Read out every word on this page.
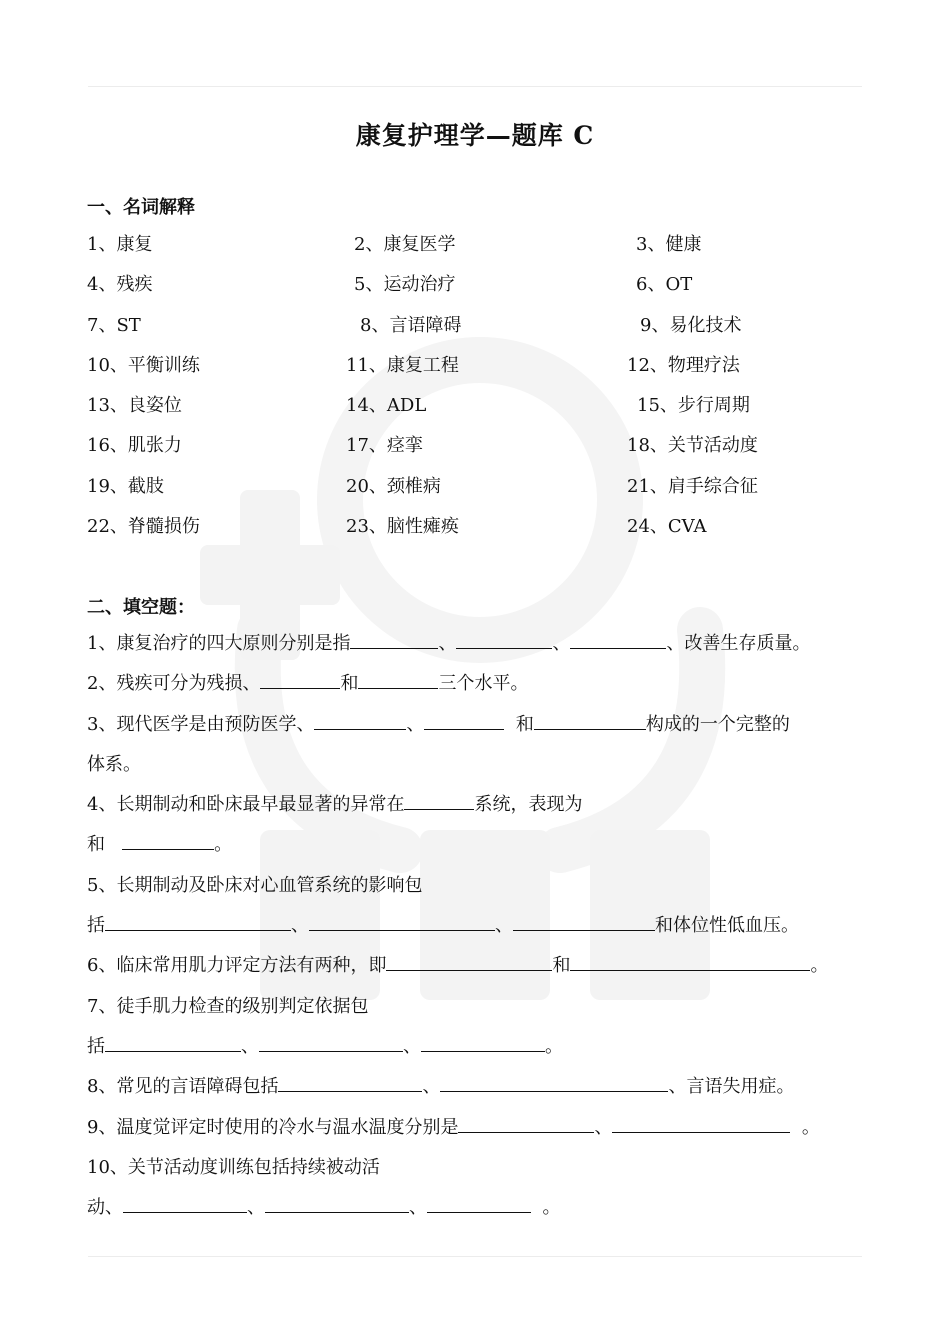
康复护理学—题库 C
一、名词解释
1、康复	2、康复医学	3、健康
4、残疾	5、运动治疗	6、OT
7、ST	8、言语障碍	9、易化技术
10、平衡训练	11、康复工程	12、物理疗法
13、良姿位	14、ADL	15、步行周期
16、肌张力	17、痉挛	18、关节活动度
19、截肢	20、颈椎病	21、肩手综合征
22、脊髓损伤	23、脑性瘫痪	24、CVA
二、填空题：
1、康复治疗的四大原则分别是指	、	、	、改善生存质量。
2、残疾可分为残损、	和	三个水平。
3、现代医学是由预防医学、	、	和	构成的一个完整的
体系。
4、长期制动和卧床最早最显著的异常在	系统，表现为
和	。
5、长期制动及卧床对心血管系统的影响包
括	、	、	和体位性低血压。
6、临床常用肌力评定方法有两种，即	和	。
7、徒手肌力检查的级别判定依据包
括	、	、	。
8、常见的言语障碍包括	、	、言语失用症。
9、温度觉评定时使用的冷水与温水温度分别是	、	。
10、关节活动度训练包括持续被动活
动、	、	、	。
